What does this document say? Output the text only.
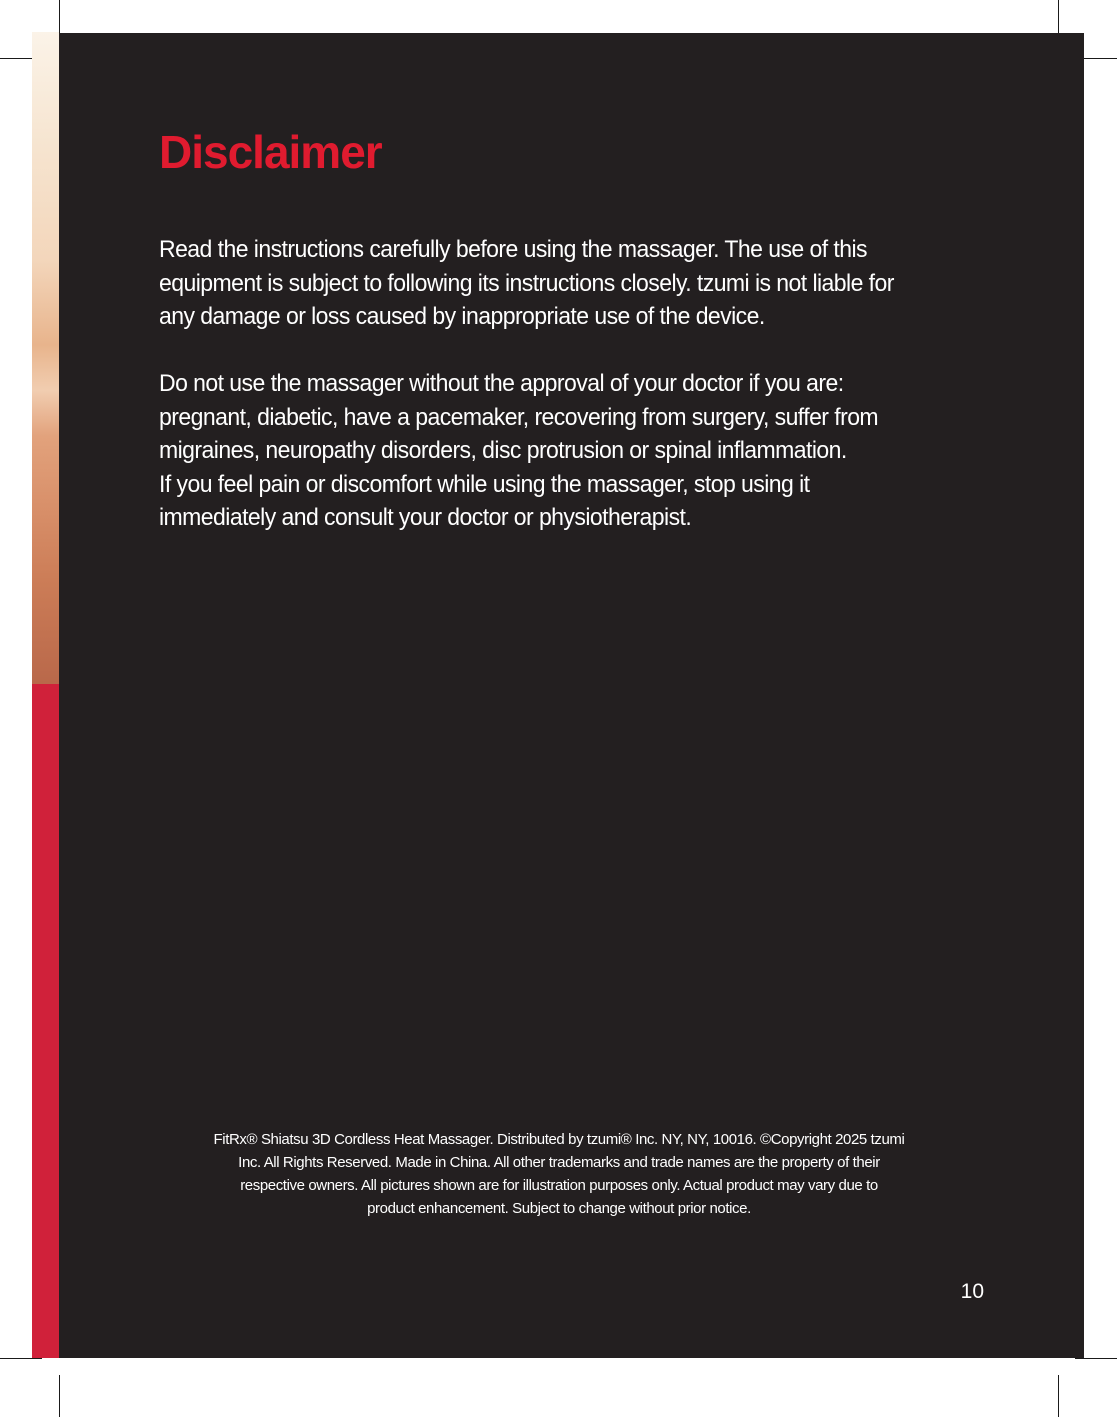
Disclaimer

Read the instructions carefully before using the massager. The use of this
equipment is subject to following its instructions closely. tzumi is not liable for
any damage or loss caused by inappropriate use of the device.

Do not use the massager without the approval of your doctor if you are:
pregnant, diabetic, have a pacemaker, recovering from surgery, suffer from
migraines, neuropathy disorders, disc protrusion or spinal inflammation.
If you feel pain or discomfort while using the massager, stop using it
immediately and consult your doctor or physiotherapist.

FitRx® Shiatsu 3D Cordless Heat Massager. Distributed by tzumi® Inc. NY, NY, 10016. ©Copyright 2025 tzumi
Inc. All Rights Reserved. Made in China. All other trademarks and trade names are the property of their
respective owners. All pictures shown are for illustration purposes only. Actual product may vary due to
product enhancement. Subject to change without prior notice.

10
